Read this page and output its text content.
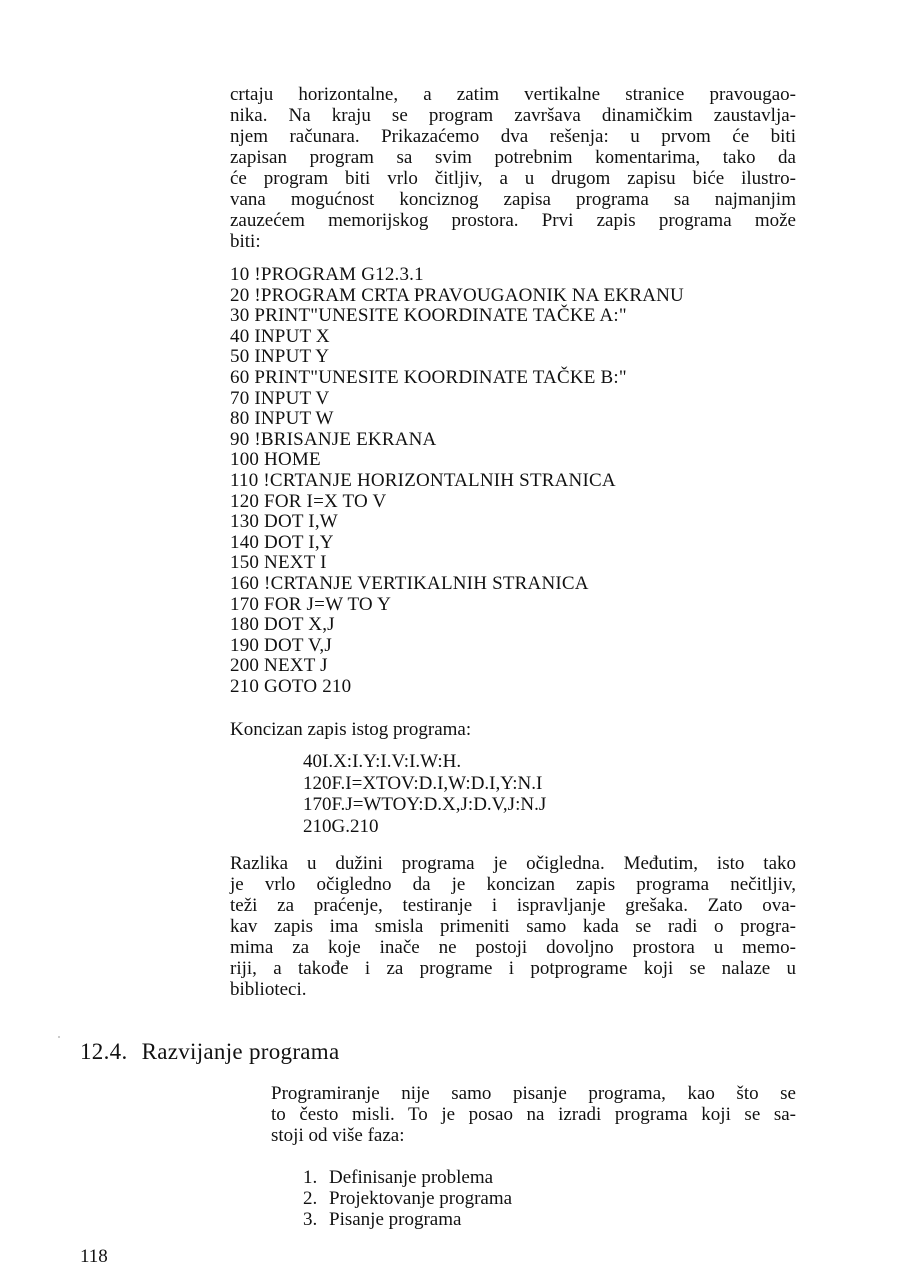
crtaju horizontalne, a zatim vertikalne stranice pravougao-
nika. Na kraju se program završava dinamičkim zaustavlja-
njem računara. Prikazaćemo dva rešenja: u prvom će biti
zapisan program sa svim potrebnim komentarima, tako da
će program biti vrlo čitljiv, a u drugom zapisu biće ilustro-
vana mogućnost konciznog zapisa programa sa najmanjim
zauzećem memorijskog prostora. Prvi zapis programa može
biti:

10 !PROGRAM G12.3.1
20 !PROGRAM CRTA PRAVOUGAONIK NA EKRANU
30 PRINT"UNESITE KOORDINATE TAČKE A:"
40 INPUT X
50 INPUT Y
60 PRINT"UNESITE KOORDINATE TAČKE B:"
70 INPUT V
80 INPUT W
90 !BRISANJE EKRANA
100 HOME
110 !CRTANJE HORIZONTALNIH STRANICA
120 FOR I=X TO V
130 DOT I,W
140 DOT I,Y
150 NEXT I
160 !CRTANJE VERTIKALNIH STRANICA
170 FOR J=W TO Y
180 DOT X,J
190 DOT V,J
200 NEXT J
210 GOTO 210

Koncizan zapis istog programa:

40I.X:I.Y:I.V:I.W:H.
120F.I=XTOV:D.I,W:D.I,Y:N.I
170F.J=WTOY:D.X,J:D.V,J:N.J
210G.210

Razlika u dužini programa je očigledna. Međutim, isto tako
je vrlo očigledno da je koncizan zapis programa nečitljiv,
teži za praćenje, testiranje i ispravljanje grešaka. Zato ova-
kav zapis ima smisla primeniti samo kada se radi o progra-
mima za koje inače ne postoji dovoljno prostora u memo-
riji, a takođe i za programe i potprograme koji se nalaze u
biblioteci.

12.4. Razvijanje programa

Programiranje nije samo pisanje programa, kao što se
to često misli. To je posao na izradi programa koji se sa-
stoji od više faza:

1. Definisanje problema
2. Projektovanje programa
3. Pisanje programa

118
